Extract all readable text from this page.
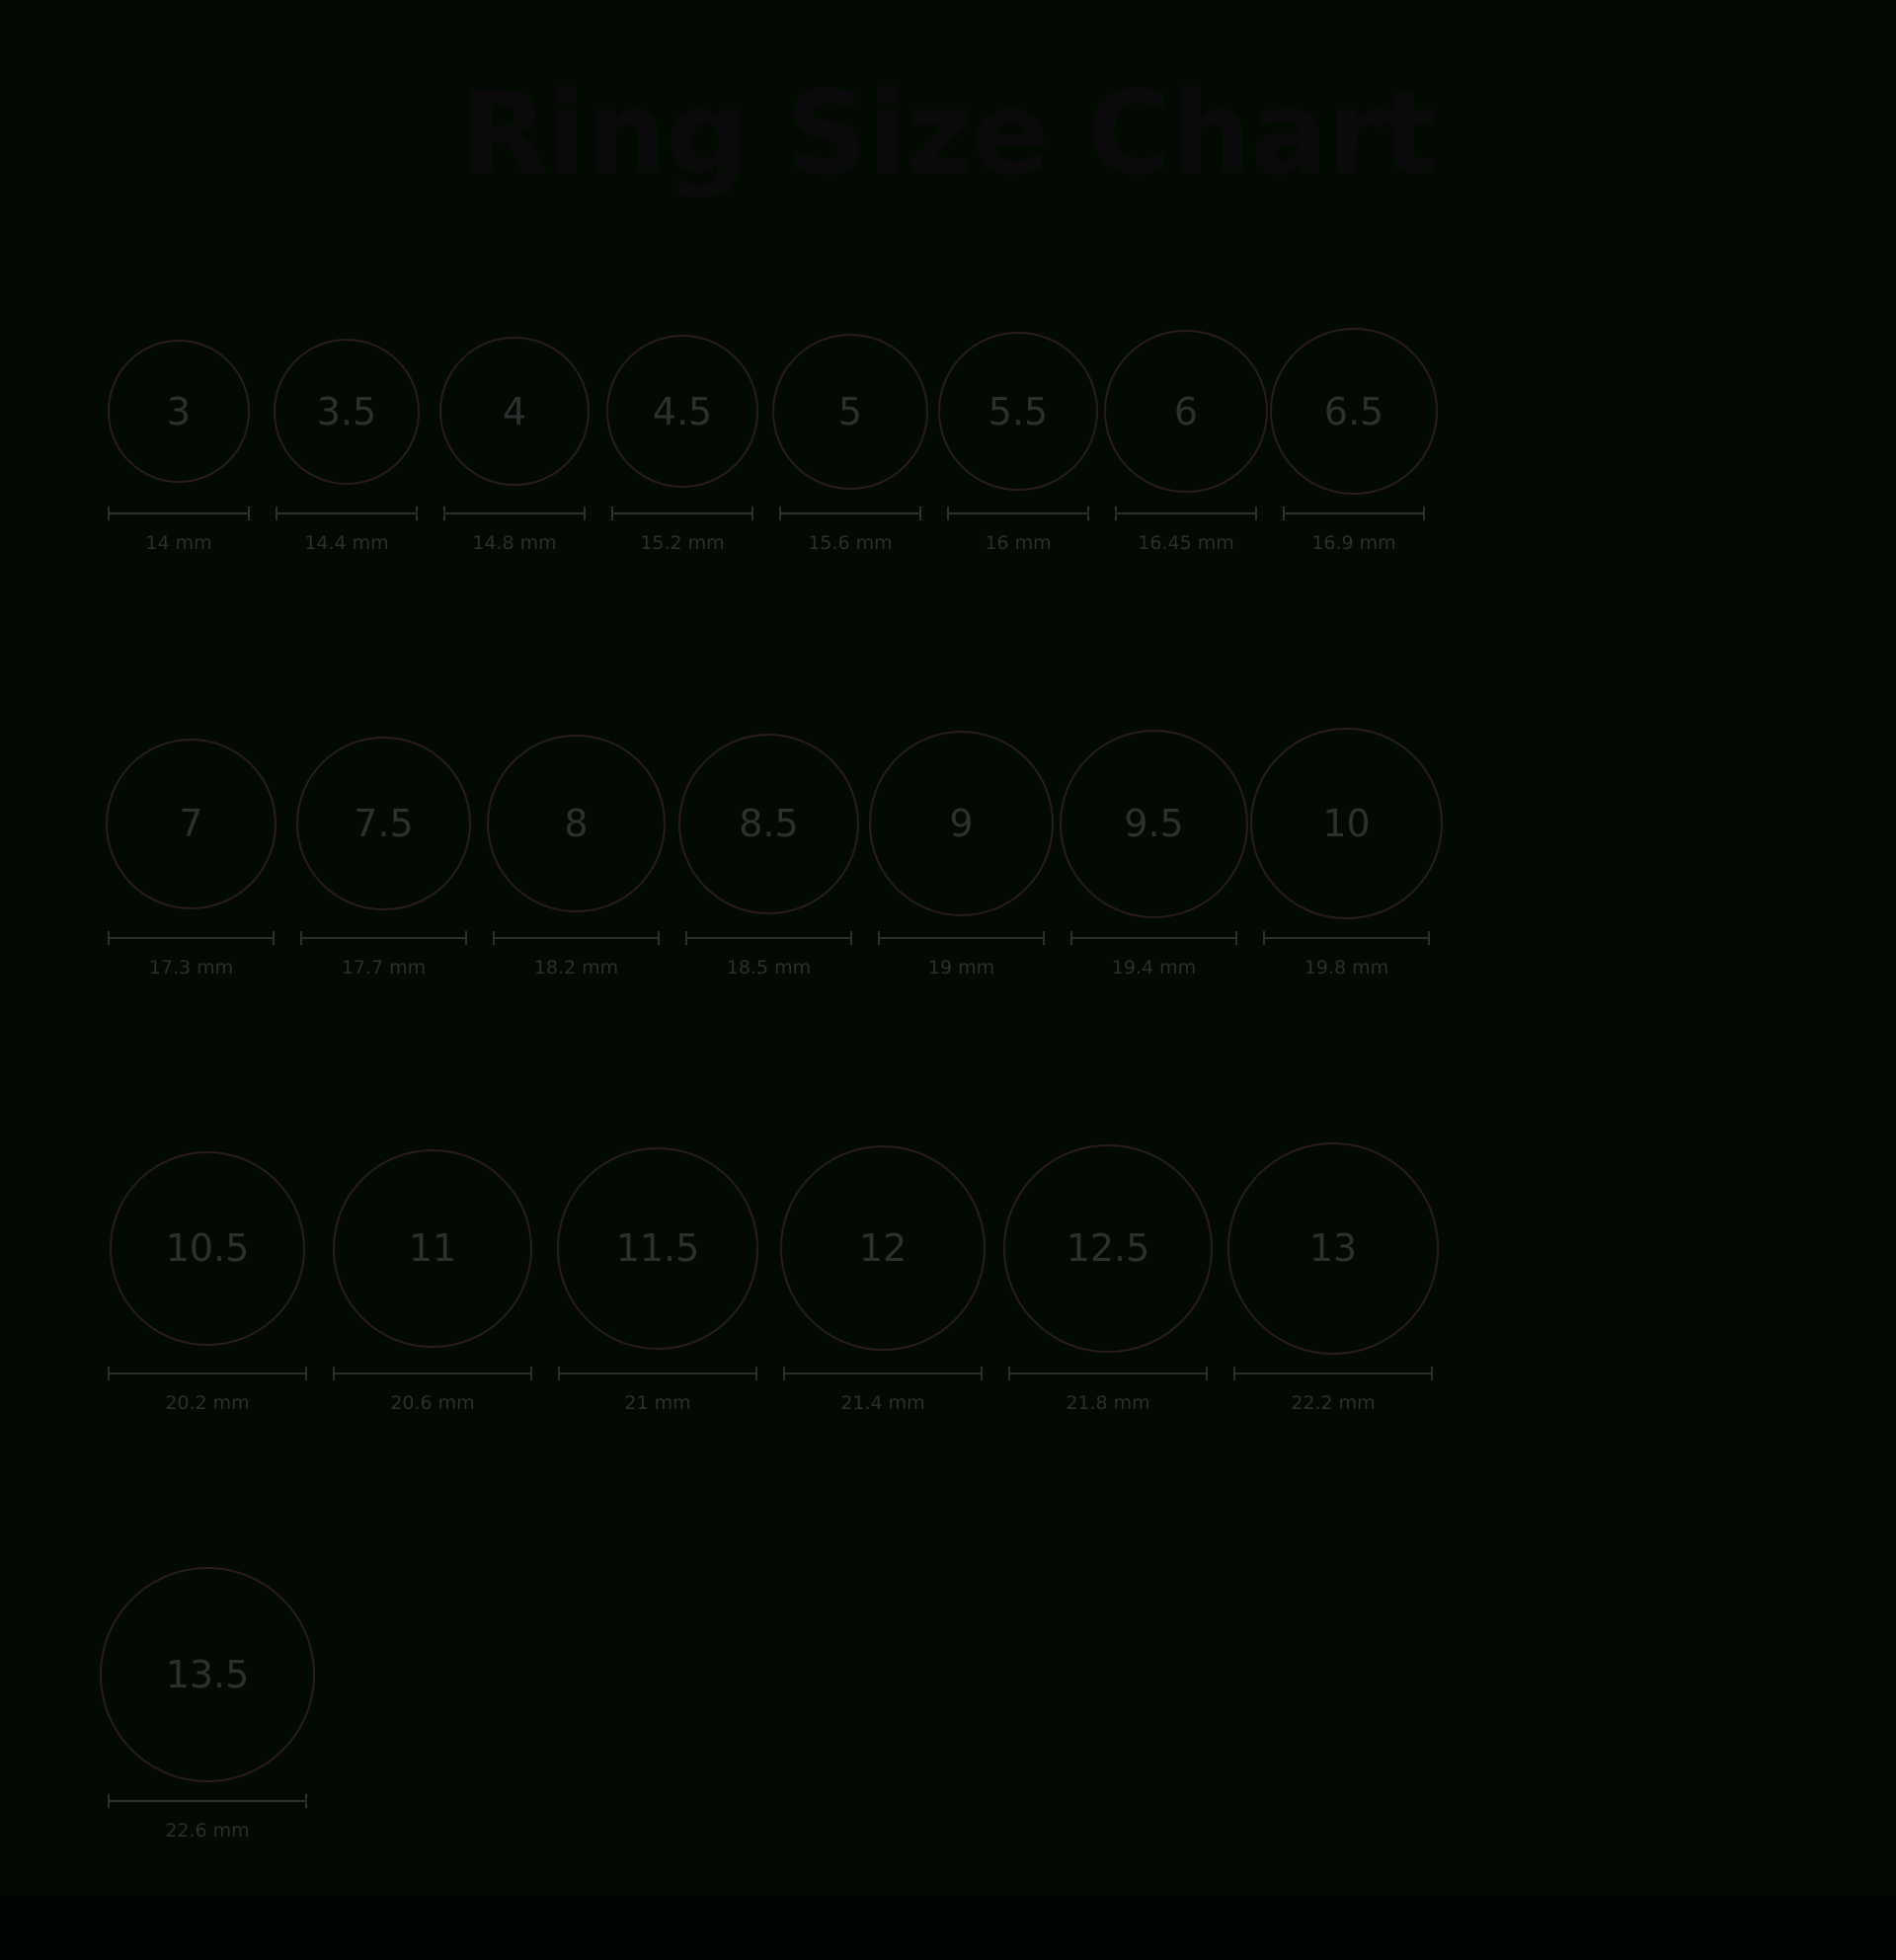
Ring Size Chart
3
14 mm
3.5
14.4 mm
4
14.8 mm
4.5
15.2 mm
5
15.6 mm
5.5
16 mm
6
16.45 mm
6.5
16.9 mm
7
17.3 mm
7.5
17.7 mm
8
18.2 mm
8.5
18.5 mm
9
19 mm
9.5
19.4 mm
10
19.8 mm
10.5
20.2 mm
11
20.6 mm
11.5
21 mm
12
21.4 mm
12.5
21.8 mm
13
22.2 mm
13.5
22.6 mm
